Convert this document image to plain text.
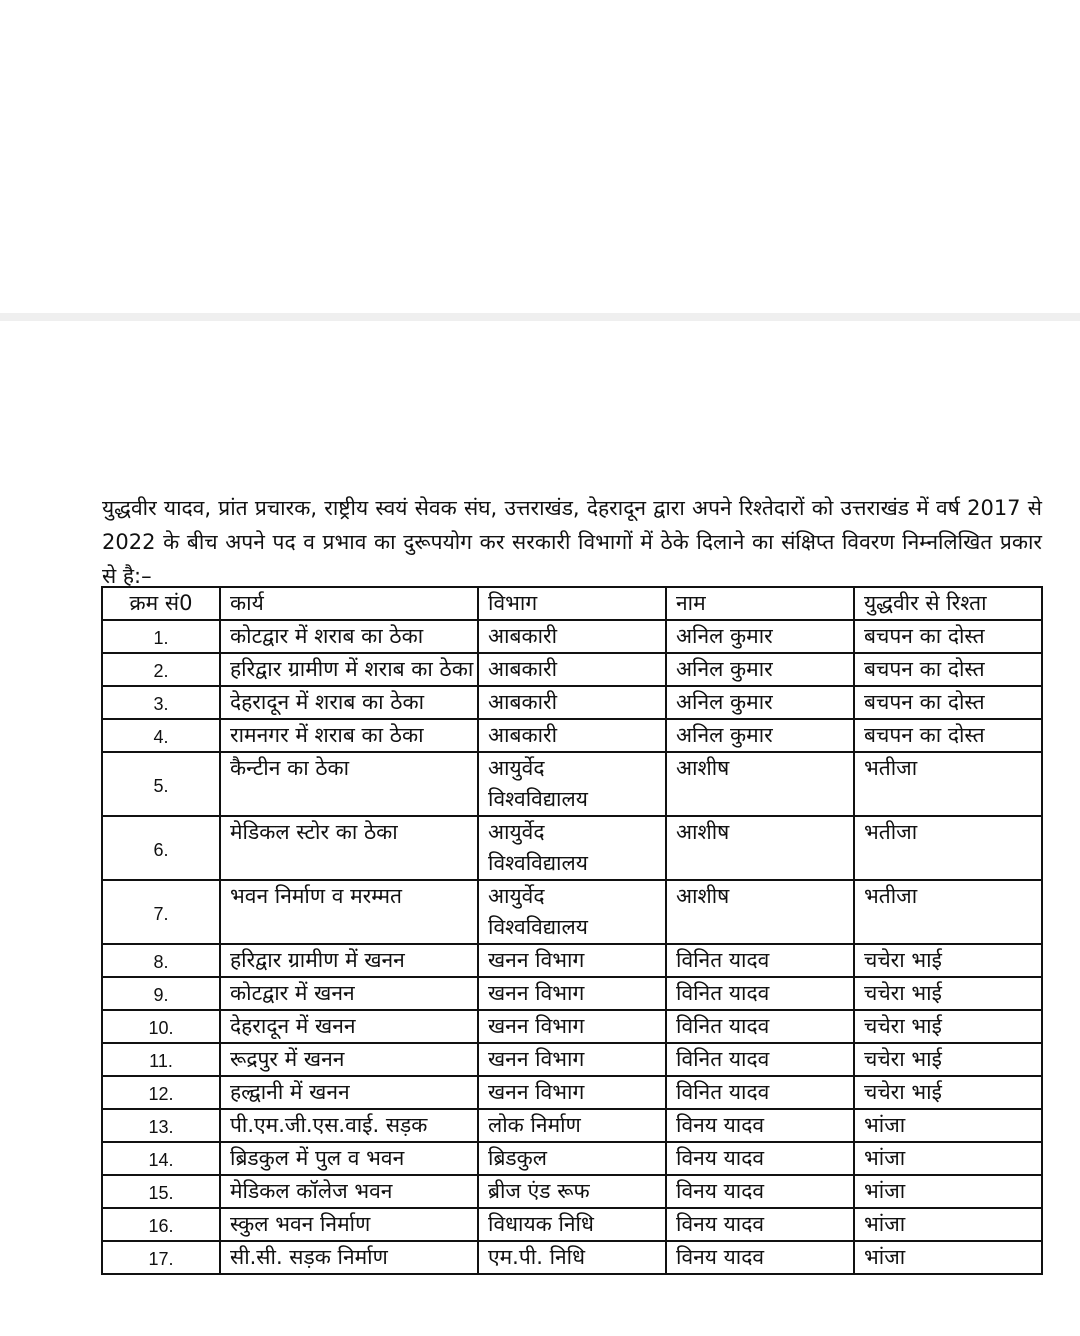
युद्धवीर यादव, प्रांत प्रचारक, राष्ट्रीय स्वयं सेवक संघ, उत्तराखंड, देहरादून द्वारा अपने रिश्तेदारों को उत्तराखंड में वर्ष 2017 से 2022 के बीच अपने पद व प्रभाव का दुरूपयोग कर सरकारी विभागों में ठेके दिलाने का संक्षिप्त विवरण निम्नलिखित प्रकार से है:–

क्रम सं0	कार्य	विभाग	नाम	युद्धवीर से रिश्ता
1.	कोटद्वार में शराब का ठेका	आबकारी	अनिल कुमार	बचपन का दोस्त
2.	हरिद्वार ग्रामीण में शराब का ठेका	आबकारी	अनिल कुमार	बचपन का दोस्त
3.	देहरादून में शराब का ठेका	आबकारी	अनिल कुमार	बचपन का दोस्त
4.	रामनगर में शराब का ठेका	आबकारी	अनिल कुमार	बचपन का दोस्त
5.	कैन्टीन का ठेका	आयुर्वेद विश्वविद्यालय	आशीष	भतीजा
6.	मेडिकल स्टोर का ठेका	आयुर्वेद विश्वविद्यालय	आशीष	भतीजा
7.	भवन निर्माण व मरम्मत	आयुर्वेद विश्वविद्यालय	आशीष	भतीजा
8.	हरिद्वार ग्रामीण में खनन	खनन विभाग	विनित यादव	चचेरा भाई
9.	कोटद्वार में खनन	खनन विभाग	विनित यादव	चचेरा भाई
10.	देहरादून में खनन	खनन विभाग	विनित यादव	चचेरा भाई
11.	रूद्रपुर में खनन	खनन विभाग	विनित यादव	चचेरा भाई
12.	हल्द्वानी में खनन	खनन विभाग	विनित यादव	चचेरा भाई
13.	पी.एम.जी.एस.वाई. सड़क	लोक निर्माण	विनय यादव	भांजा
14.	ब्रिडकुल में पुल व भवन	ब्रिडकुल	विनय यादव	भांजा
15.	मेडिकल कॉलेज भवन	ब्रीज एंड रूफ	विनय यादव	भांजा
16.	स्कुल भवन निर्माण	विधायक निधि	विनय यादव	भांजा
17.	सी.सी. सड़क निर्माण	एम.पी. निधि	विनय यादव	भांजा
